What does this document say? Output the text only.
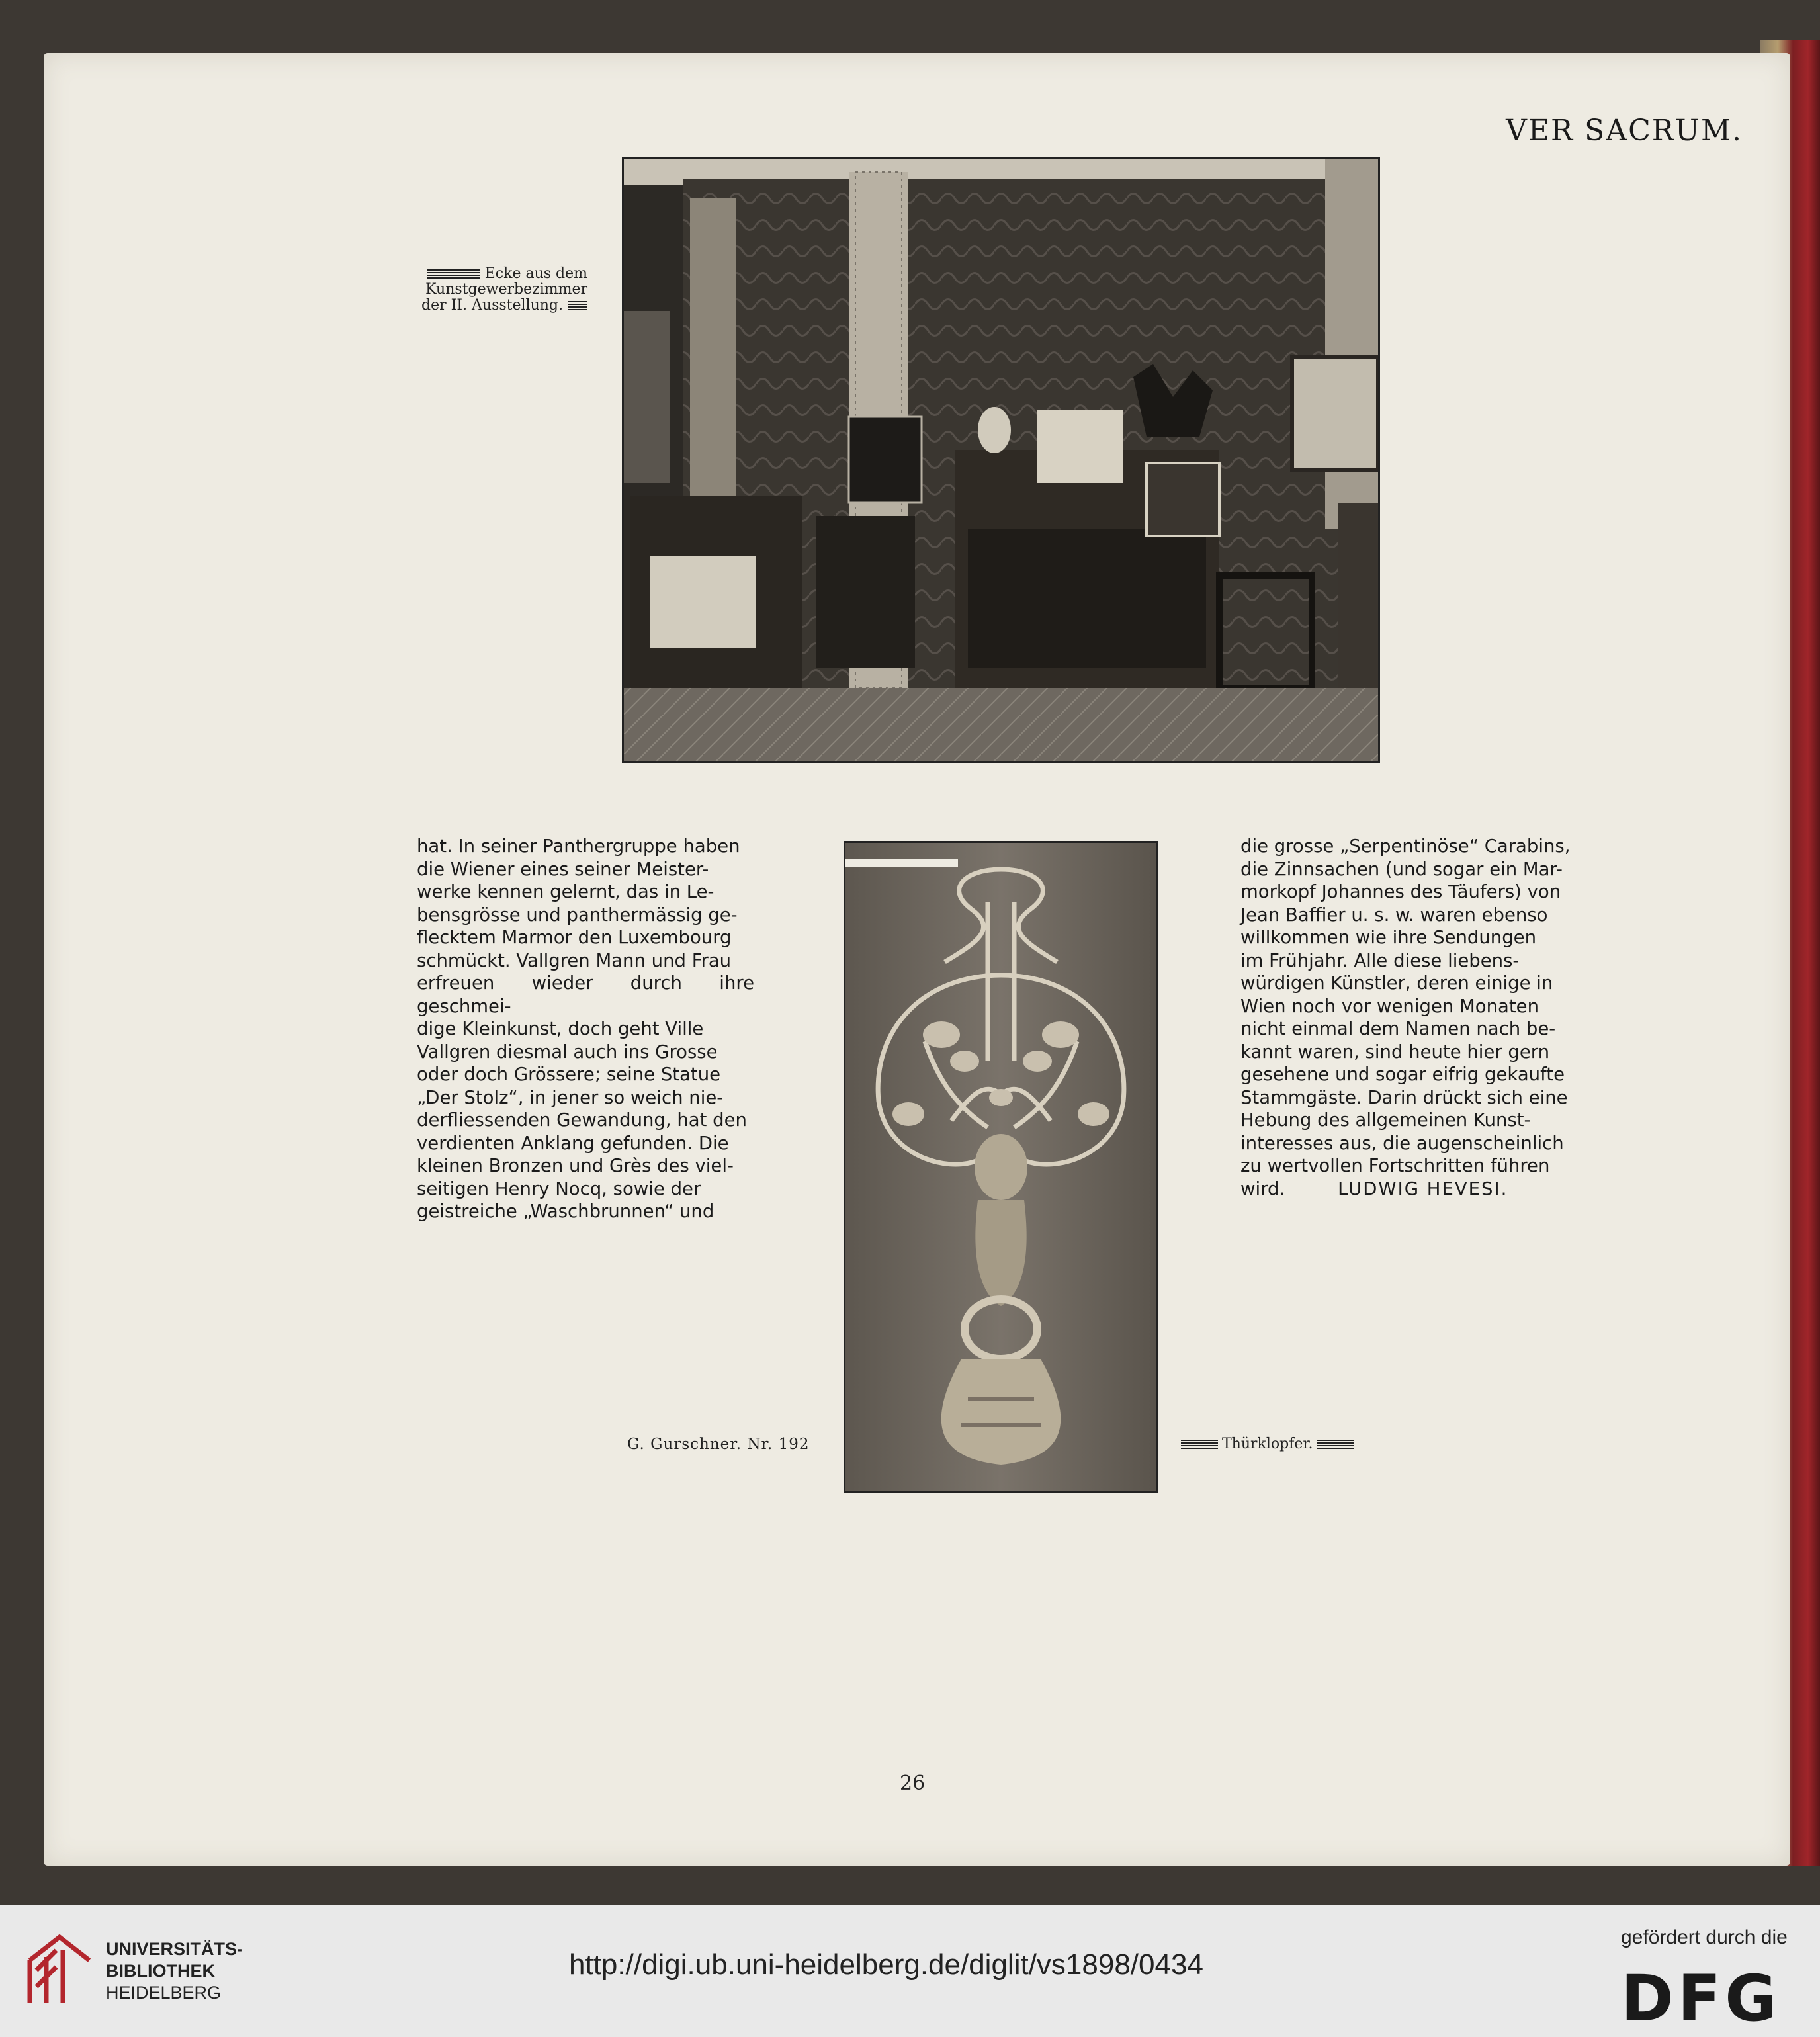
VER SACRUM.
Ecke aus dem
Kunstgewerbezimmer
der II. Ausstellung.

hat. In seiner Panthergruppe haben

die Wiener eines seiner Meister-

werke kennen gelernt, das in Le-

bensgrösse und panthermässig ge-

flecktem Marmor den Luxembourg

schmückt. Vallgren Mann und Frau

erfreuen wieder durch ihre geschmei-

dige Kleinkunst, doch geht Ville

Vallgren diesmal auch ins Grosse

oder doch Grössere; seine Statue

„Der Stolz“, in jener so weich nie-

derfliessenden Gewandung, hat den

verdienten Anklang gefunden. Die

kleinen Bronzen und Grès des viel-

seitigen Henry Nocq, sowie der

geistreiche „Waschbrunnen“ und

die grosse „Serpentinöse“ Carabins,

die Zinnsachen (und sogar ein Mar-

morkopf Johannes des Täufers) von

Jean Baffier u. s. w. waren ebenso

willkommen wie ihre Sendungen

im Frühjahr. Alle diese liebens-

würdigen Künstler, deren einige in

Wien noch vor wenigen Monaten

nicht einmal dem Namen nach be-

kannt waren, sind heute hier gern

gesehene und sogar eifrig gekaufte

Stammgäste. Darin drückt sich eine

Hebung des allgemeinen Kunst-

interesses aus, die augenscheinlich

zu wertvollen Fortschritten führen

wird.	LUDWIG HEVESI.

G. Gurschner. Nr. 192	Thürklopfer.
26
UNIVERSITÄTS-
BIBLIOTHEK
HEIDELBERG
http://digi.ub.uni-heidelberg.de/diglit/vs1898/0434
gefördert durch die
DFG
